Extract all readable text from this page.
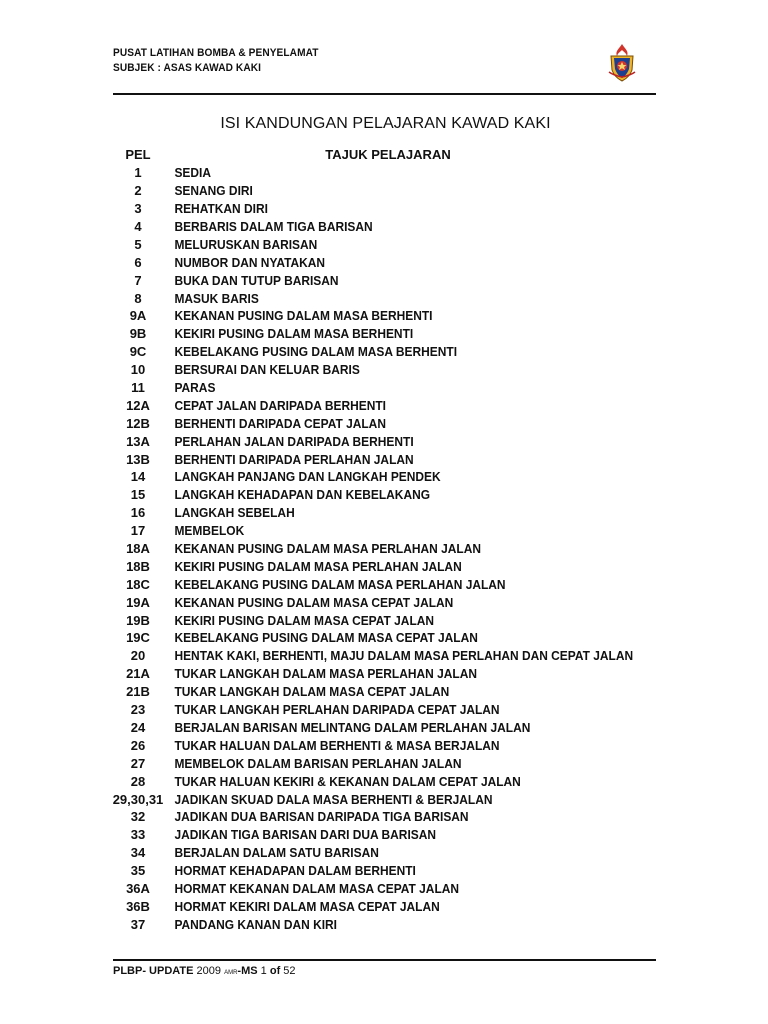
PUSAT LATIHAN BOMBA & PENYELAMAT
SUBJEK : ASAS KAWAD KAKI
ISI KANDUNGAN PELAJARAN KAWAD KAKI
PEL	TAJUK PELAJARAN
1	SEDIA
2	SENANG DIRI
3	REHATKAN DIRI
4	BERBARIS DALAM TIGA BARISAN
5	MELURUSKAN BARISAN
6	NUMBOR DAN NYATAKAN
7	BUKA DAN TUTUP BARISAN
8	MASUK BARIS
9A	KEKANAN PUSING DALAM MASA BERHENTI
9B	KEKIRI PUSING DALAM MASA BERHENTI
9C	KEBELAKANG PUSING DALAM MASA BERHENTI
10	BERSURAI DAN KELUAR BARIS
11	PARAS
12A	CEPAT JALAN DARIPADA BERHENTI
12B	BERHENTI DARIPADA CEPAT JALAN
13A	PERLAHAN JALAN DARIPADA BERHENTI
13B	BERHENTI DARIPADA PERLAHAN JALAN
14	LANGKAH PANJANG DAN LANGKAH PENDEK
15	LANGKAH KEHADAPAN DAN KEBELAKANG
16	LANGKAH SEBELAH
17	MEMBELOK
18A	KEKANAN PUSING DALAM MASA PERLAHAN JALAN
18B	KEKIRI PUSING DALAM MASA PERLAHAN JALAN
18C	KEBELAKANG PUSING DALAM MASA PERLAHAN JALAN
19A	KEKANAN PUSING DALAM MASA CEPAT JALAN
19B	KEKIRI PUSING DALAM MASA CEPAT JALAN
19C	KEBELAKANG PUSING DALAM MASA CEPAT JALAN
20	HENTAK KAKI, BERHENTI, MAJU DALAM MASA PERLAHAN DAN CEPAT JALAN
21A	TUKAR LANGKAH DALAM MASA PERLAHAN JALAN
21B	TUKAR LANGKAH DALAM MASA CEPAT JALAN
23	TUKAR LANGKAH PERLAHAN DARIPADA CEPAT JALAN
24	BERJALAN BARISAN MELINTANG DALAM PERLAHAN JALAN
26	TUKAR HALUAN DALAM BERHENTI & MASA BERJALAN
27	MEMBELOK DALAM BARISAN PERLAHAN JALAN
28	TUKAR HALUAN KEKIRI & KEKANAN DALAM CEPAT JALAN
29,30,31 JADIKAN SKUAD DALA MASA BERHENTI & BERJALAN
32	JADIKAN DUA BARISAN DARIPADA TIGA BARISAN
33	JADIKAN TIGA BARISAN DARI DUA BARISAN
34	BERJALAN DALAM SATU BARISAN
35	HORMAT KEHADAPAN DALAM BERHENTI
36A	HORMAT KEKANAN DALAM MASA CEPAT JALAN
36B	HORMAT KEKIRI DALAM MASA CEPAT JALAN
37	PANDANG KANAN DAN KIRI
PLBP- UPDATE 2009 AMR-MS 1 of 52
